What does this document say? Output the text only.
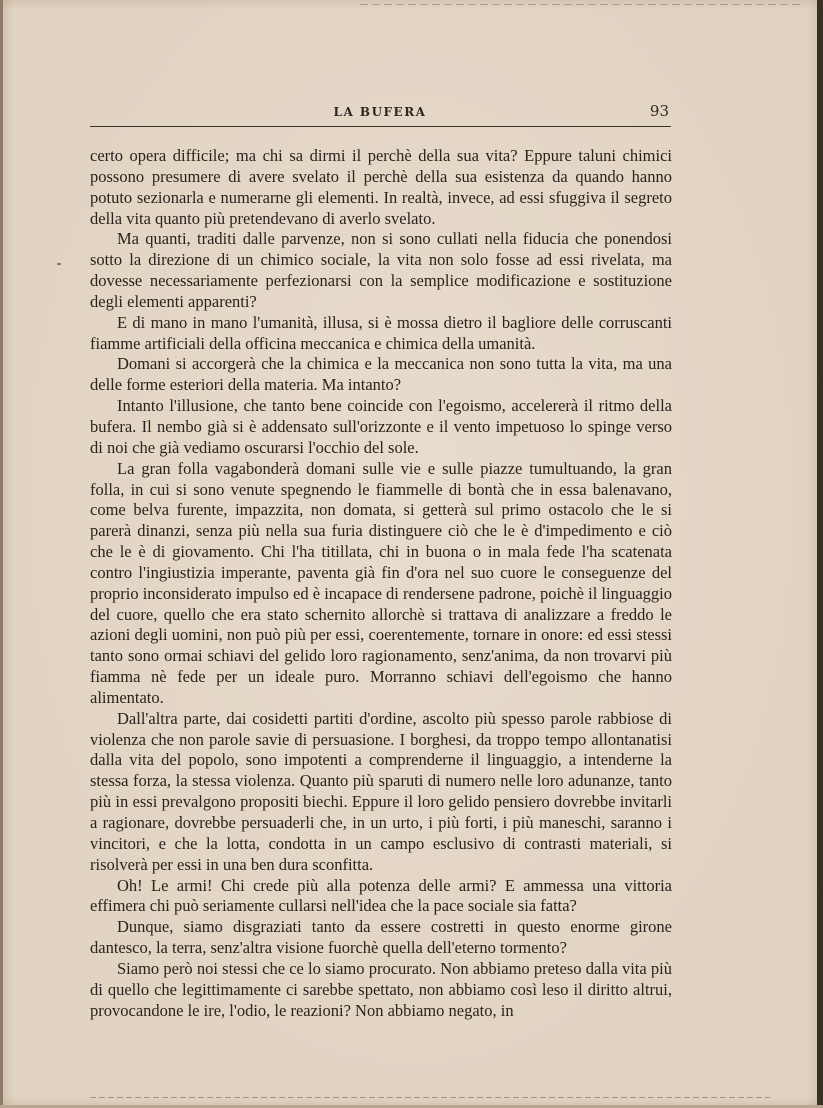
LA BUFERA	93

certo opera difficile; ma chi sa dirmi il perchè della sua vita? Eppure taluni chimici possono presumere di avere svelato il perchè della sua esistenza da quando hanno potuto sezionarla e numerarne gli elementi. In realtà, invece, ad essi sfuggiva il segreto della vita quanto più pretendevano di averlo svelato.

Ma quanti, traditi dalle parvenze, non si sono cullati nella fiducia che ponendosi sotto la direzione di un chimico sociale, la vita non solo fosse ad essi rivelata, ma dovesse necessariamente perfezionarsi con la semplice modificazione e sostituzione degli elementi apparenti?

E di mano in mano l'umanità, illusa, si è mossa dietro il bagliore delle corruscanti fiamme artificiali della officina meccanica e chimica della umanità.

Domani si accorgerà che la chimica e la meccanica non sono tutta la vita, ma una delle forme esteriori della materia. Ma intanto?

Intanto l'illusione, che tanto bene coincide con l'egoismo, accelererà il ritmo della bufera. Il nembo già si è addensato sull'orizzonte e il vento impetuoso lo spinge verso di noi che già vediamo oscurarsi l'occhio del sole.

La gran folla vagabonderà domani sulle vie e sulle piazze tumultuando, la gran folla, in cui si sono venute spegnendo le fiammelle di bontà che in essa balenavano, come belva furente, impazzita, non domata, si getterà sul primo ostacolo che le si parerà dinanzi, senza più nella sua furia distinguere ciò che le è d'impedimento e ciò che le è di giovamento. Chi l'ha titillata, chi in buona o in mala fede l'ha scatenata contro l'ingiustizia imperante, paventa già fin d'ora nel suo cuore le conseguenze del proprio inconsiderato impulso ed è incapace di rendersene padrone, poichè il linguaggio del cuore, quello che era stato schernito allorchè si trattava di analizzare a freddo le azioni degli uomini, non può più per essi, coerentemente, tornare in onore: ed essi stessi tanto sono ormai schiavi del gelido loro ragionamento, senz'anima, da non trovarvi più fiamma nè fede per un ideale puro. Morranno schiavi dell'egoismo che hanno alimentato.

Dall'altra parte, dai cosidetti partiti d'ordine, ascolto più spesso parole rabbiose di violenza che non parole savie di persuasione. I borghesi, da troppo tempo allontanatisi dalla vita del popolo, sono impotenti a comprenderne il linguaggio, a intenderne la stessa forza, la stessa violenza. Quanto più sparuti di numero nelle loro adunanze, tanto più in essi prevalgono propositi biechi. Eppure il loro gelido pensiero dovrebbe invitarli a ragionare, dovrebbe persuaderli che, in un urto, i più forti, i più maneschi, saranno i vincitori, e che la lotta, condotta in un campo esclusivo di contrasti materiali, si risolverà per essi in una ben dura sconfitta.

Oh! Le armi! Chi crede più alla potenza delle armi? E ammessa una vittoria effimera chi può seriamente cullarsi nell'idea che la pace sociale sia fatta?

Dunque, siamo disgraziati tanto da essere costretti in questo enorme girone dantesco, la terra, senz'altra visione fuorchè quella dell'eterno tormento?

Siamo però noi stessi che ce lo siamo procurato. Non abbiamo preteso dalla vita più di quello che legittimamente ci sarebbe spettato, non abbiamo così leso il diritto altrui, provocandone le ire, l'odio, le reazioni? Non abbiamo negato, in
